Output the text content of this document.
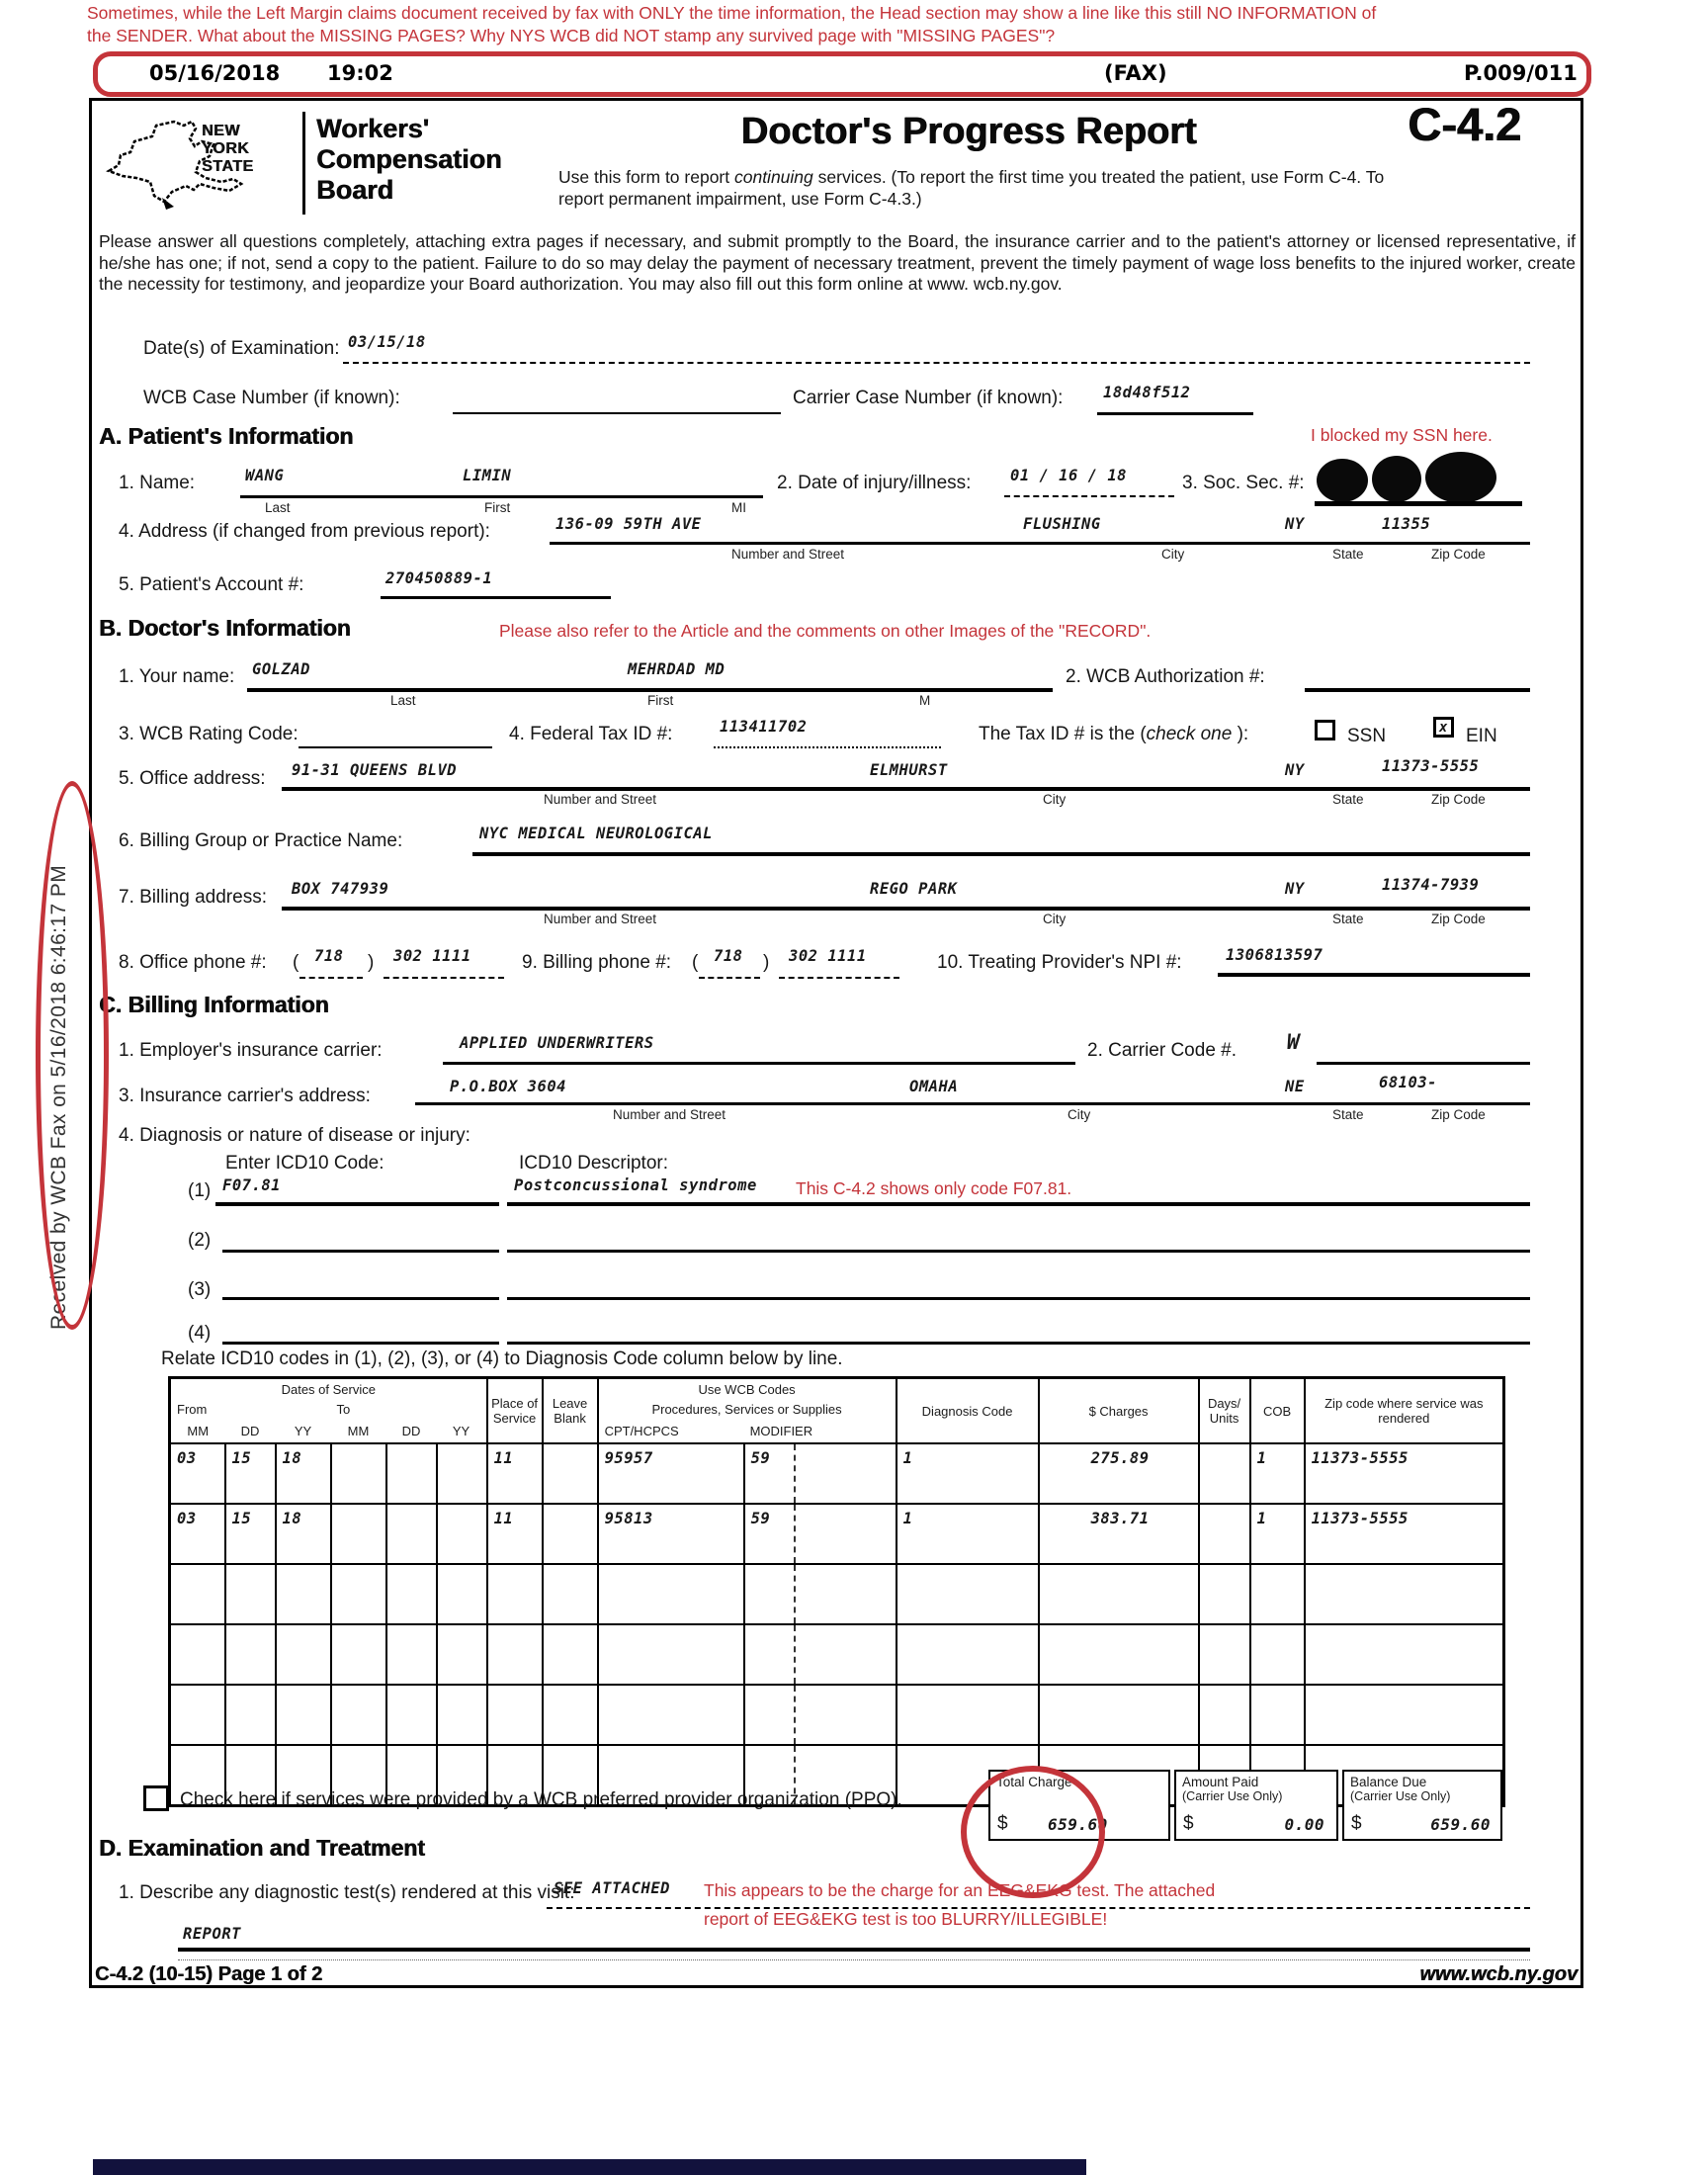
Sometimes, while the Left Margin claims document received by fax with ONLY the time information, the Head section may show a line like this still NO INFORMATION of
the SENDER. What about the MISSING PAGES? Why NYS WCB did NOT stamp any survived page with "MISSING PAGES"?
05/16/2018 19:02	(FAX)	P.009/011
NEW
YORK
STATE
Workers'
Compensation
Board
Doctor's Progress Report	C-4.2
Use this form to report continuing services. (To report the first time you treated the patient, use Form C-4. To report permanent impairment, use Form C-4.3.)
Please answer all questions completely, attaching extra pages if necessary, and submit promptly to the Board, the insurance carrier and to the patient's attorney or licensed representative, if he/she has one; if not, send a copy to the patient. Failure to do so may delay the payment of necessary treatment, prevent the timely payment of wage loss benefits to the injured worker, create the necessity for testimony, and jeopardize your Board authorization. You may also fill out this form online at www. wcb.ny.gov.
Date(s) of Examination: 03/15/18
WCB Case Number (if known):	Carrier Case Number (if known):	18d48f512
A. Patient's Information	I blocked my SSN here.
1. Name:	WANG	LIMIN
Last	First	MI
2. Date of injury/illness:	01 / 16 / 18	3. Soc. Sec. #:
4. Address (if changed from previous report):	136-09 59TH AVE	FLUSHING	NY	11355
Number and Street	City	State	Zip Code
5. Patient's Account #:	270450889-1
B. Doctor's Information	Please also refer to the Article and the comments on other Images of the "RECORD".
1. Your name: GOLZAD	MEHRDAD MD
Last	First	M
2. WCB Authorization #:
3. WCB Rating Code:	4. Federal Tax ID #:	113411702	The Tax ID # is the (check one ):	SSN	x EIN
5. Office address: 91-31 QUEENS BLVD	ELMHURST	NY	11373-5555
Number and Street	City	State	Zip Code
6. Billing Group or Practice Name:	NYC MEDICAL NEUROLOGICAL
7. Billing address: BOX 747939	REGO PARK	NY	11374-7939
Number and Street	City	State	Zip Code
8. Office phone #: ( 718 ) 302 1111	9. Billing phone #: ( 718 ) 302 1111	10. Treating Provider's NPI #:	1306813597
C. Billing Information
1. Employer's insurance carrier:	APPLIED UNDERWRITERS	2. Carrier Code #. W
3. Insurance carrier's address:	P.O.BOX 3604	OMAHA	NE	68103-
Number and Street	City	State	Zip Code
4. Diagnosis or nature of disease or injury:
Enter ICD10 Code:	ICD10 Descriptor:
(1) F07.81	Postconcussional syndrome This C-4.2 shows only code F07.81.
(2)
(3)
(4)
Relate ICD10 codes in (1), (2), (3), or (4) to Diagnosis Code column below by line.
Dates of Service						Place of Service	Leave Blank	Use WCB Codes			Diagnosis Code	$ Charges	Days/ Units	COB	Zip code where service was rendered
From			To					Procedures, Services or Supplies							
MM	DD	YY	MM	DD	YY			CPT/HCPCS	MODIFIER						
03	15	18				11		95957	59		1	275.89		1	11373-5555
03	15	18				11		95813	59		1	383.71		1	11373-5555

Check here if services were provided by a WCB preferred provider organization (PPO).
Total Charge
$	659.60
Amount Paid
(Carrier Use Only)
$	0.00
Balance Due
(Carrier Use Only)
$	659.60
D. Examination and Treatment
1. Describe any diagnostic test(s) rendered at this visit:
SEE ATTACHED This appears to be the charge for an EEG&EKG test. The attached
report of EEG&EKG test is too BLURRY/ILLEGIBLE!
REPORT
C-4.2 (10-15) Page 1 of 2	www.wcb.ny.gov
Received by WCB Fax on 5/16/2018 6:46:17 PM
